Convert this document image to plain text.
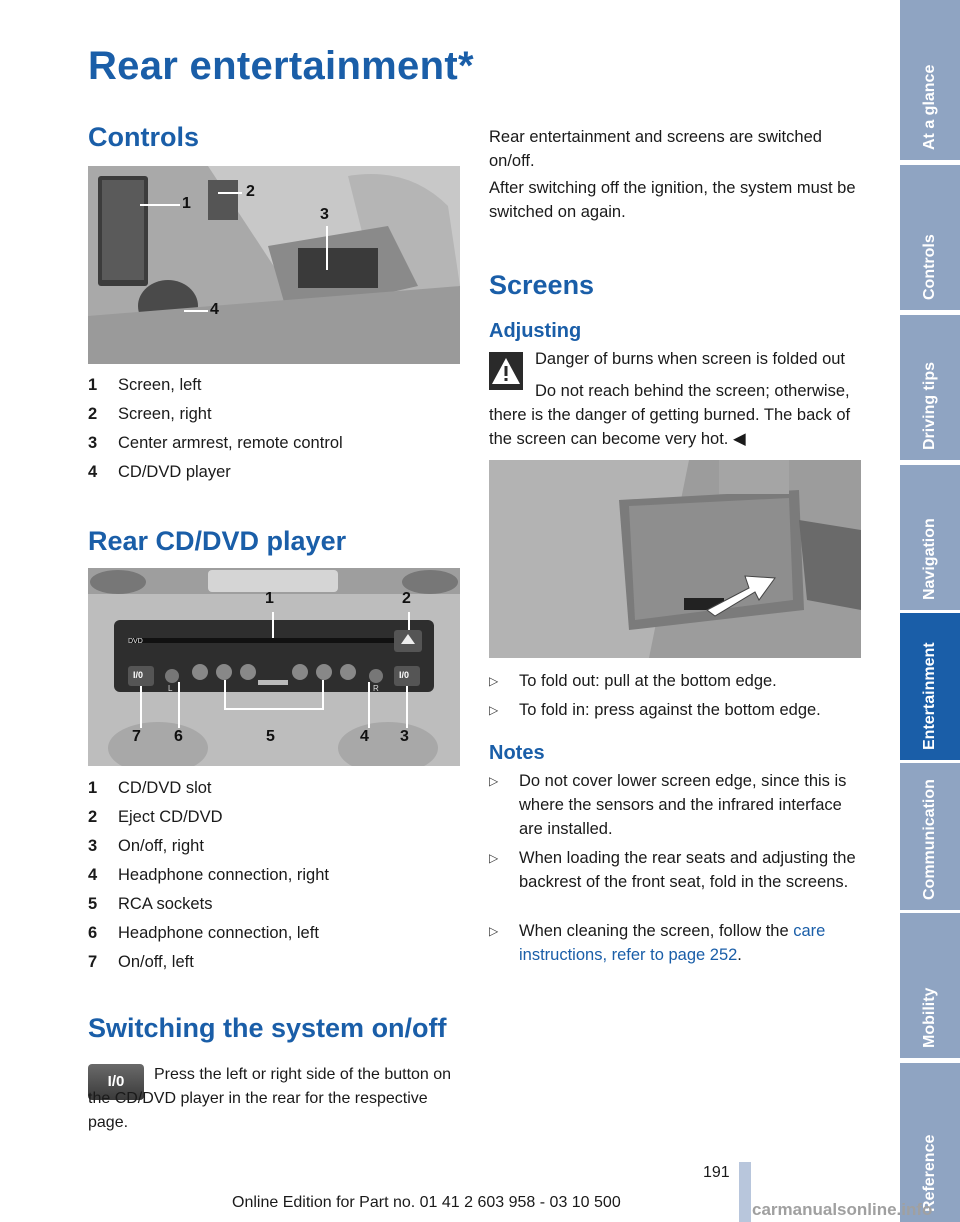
Rear entertainment*
Controls
1
2
3
4
1 Screen, left
2 Screen, right
3 Center armrest, remote control
4 CD/DVD player
Rear CD/DVD player
DVD
I/0	I/0
L	R
1	2
7 6	5	4 3
1 CD/DVD slot
2 Eject CD/DVD
3 On/off, right
4 Headphone connection, right
5 RCA sockets
6 Headphone connection, left
7 On/off, left
Switching the system on/off
I/0	Press the left or right side of the button on the CD/DVD player in the rear for the respective page.
Rear entertainment and screens are switched on/off.
After switching off the ignition, the system must be switched on again.
Screens
Adjusting
Danger of burns when screen is folded out
Do not reach behind the screen; otherwise, there is the danger of getting burned. The back of the screen can become very hot. ◀
▷ To fold out: pull at the bottom edge.
▷ To fold in: press against the bottom edge.
Notes
▷ Do not cover lower screen edge, since this is where the sensors and the infrared interface are installed.
▷ When loading the rear seats and adjusting the backrest of the front seat, fold in the screens.
▷ When cleaning the screen, follow the care instructions, refer to page 252.
At a glance
Controls
Driving tips
Navigation
Entertainment
Communication
Mobility
Reference
191
Online Edition for Part no. 01 41 2 603 958 - 03 10 500	carmanualsonline.info
